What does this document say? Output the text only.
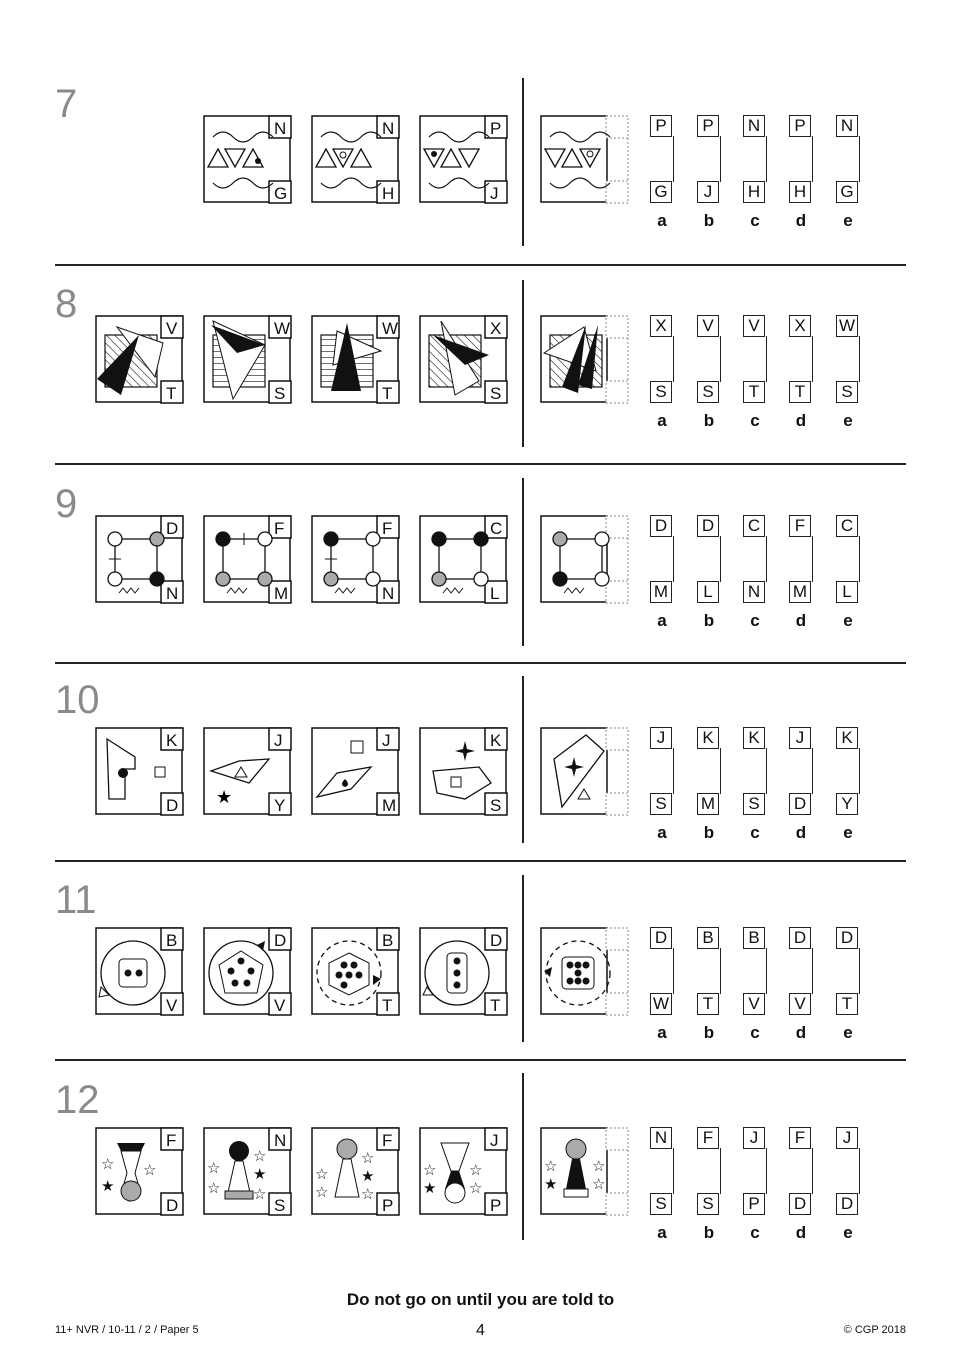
7
N
G
N
H
P
J
P
G
a
P
J
b
N
H
c
P
H
d
N
G
e
8
V
T
W
S
W
T
X
S
X
S
a
V
S
b
V
T
c
X
T
d
W
S
e
9
D
N
F
M
F
N
C
L
D
M
a
D
L
b
C
N
c
F
M
d
C
L
e
10
K
D ★
J
Y
J
M
K
S
J
S
a
K
M
b
K
S
c
J
D
d
K
Y
e
11
B
V
D
V
B
T
D
T
D
W
a
B
T
b
B
V
c
D
V
d
D
T
e
12
☆ ☆
★
F
D
☆
☆
☆
★
☆
N
S
☆
☆
☆
★
☆
F
P
☆
★
☆
☆
J
P
☆
★
☆
☆
N
S
a
F
S
b
J
P
c
F
D
d
J
D
e
Do not go on until you are told to
11+ NVR / 10-11 / 2 / Paper 5	4	© CGP 2018
